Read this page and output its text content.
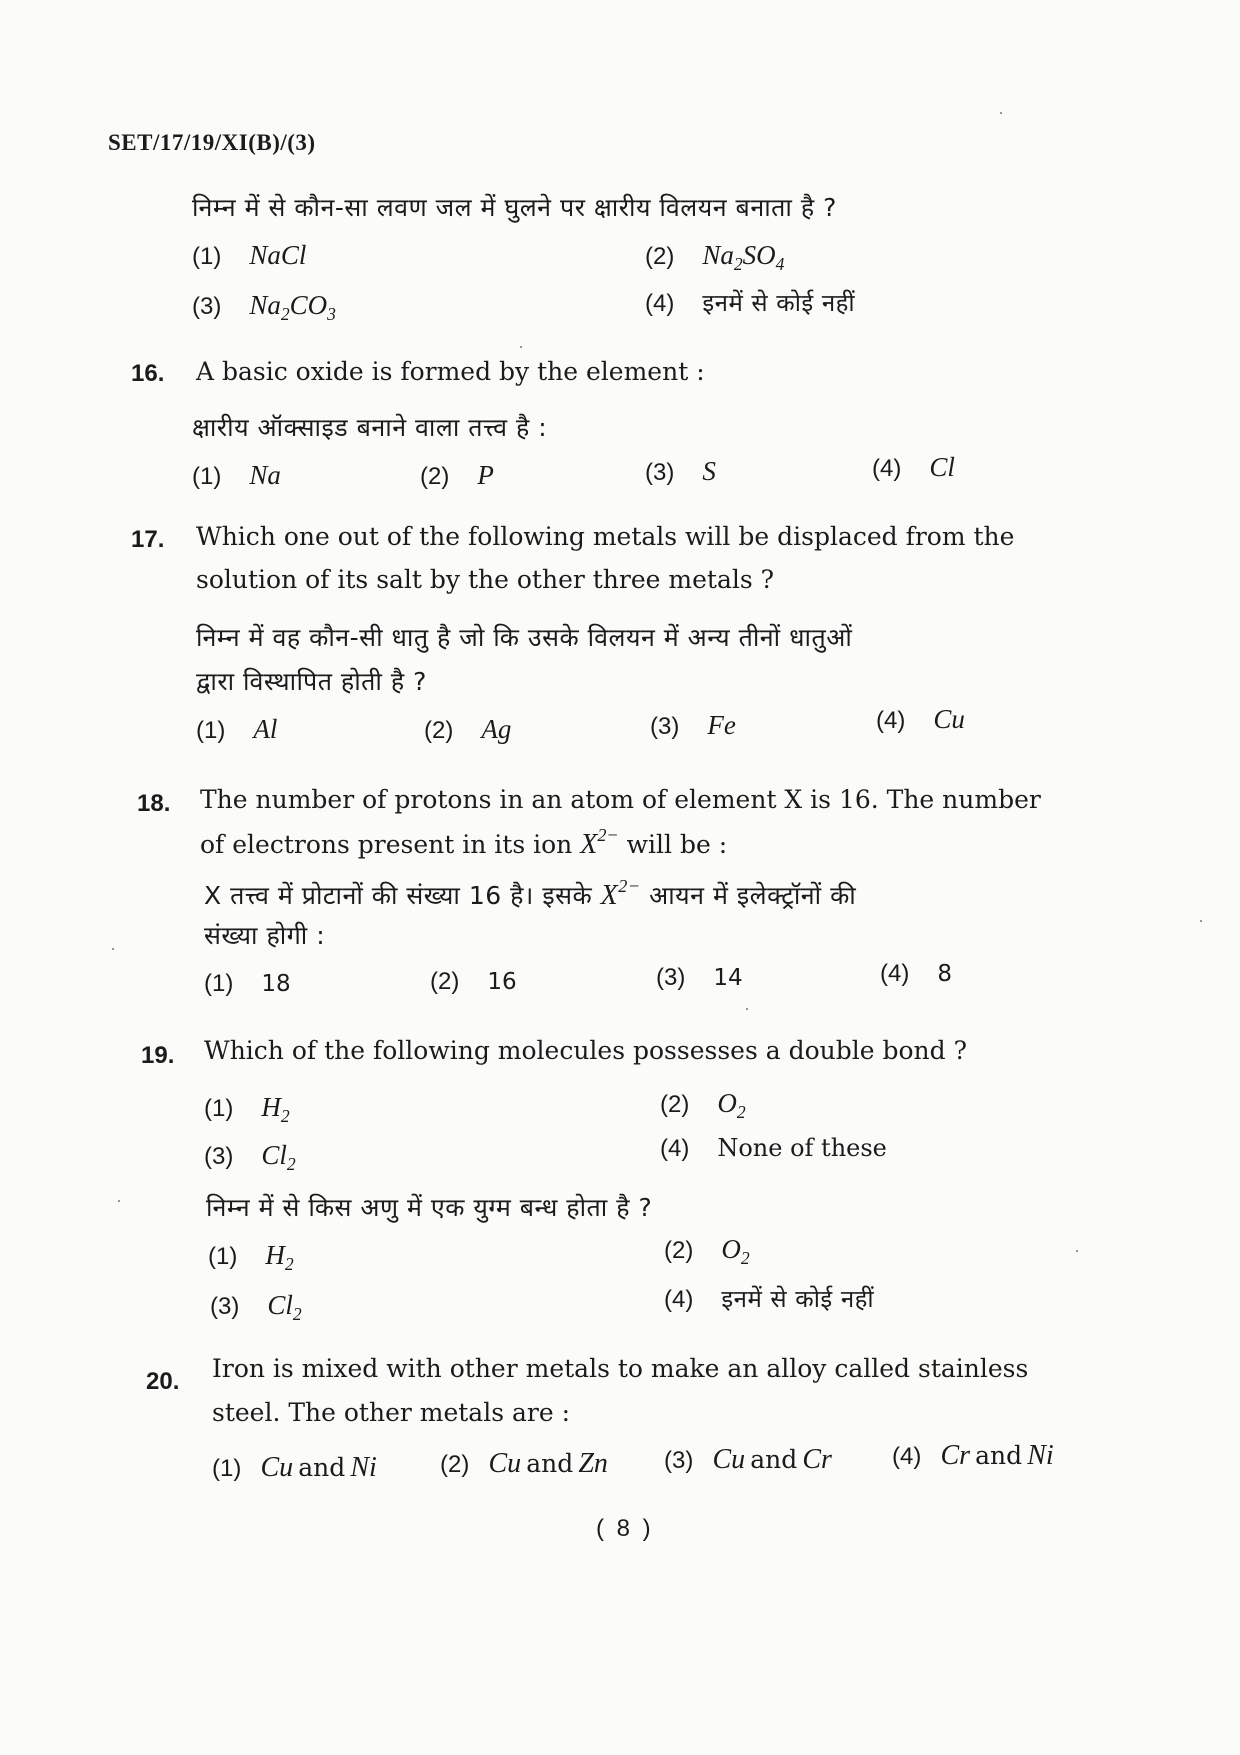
SET/17/19/XI(B)/(3)
निम्न में से कौन-सा लवण जल में घुलने पर क्षारीय विलयन बनाता है ?
(1) NaCl	(2) $Na_2SO_4$
(3) $Na_2CO_3$	(4) इनमें से कोई नहीं
16. A basic oxide is formed by the element :
क्षारीय ऑक्साइड बनाने वाला तत्त्व है :
(1) Na	(2) P	(3) S	(4) Cl
17. Which one out of the following metals will be displaced from the
solution of its salt by the other three metals ?
निम्न में वह कौन-सी धातु है जो कि उसके विलयन में अन्य तीनों धातुओं
द्वारा विस्थापित होती है ?
(1) Al	(2) Ag	(3) Fe	(4) Cu
18. The number of protons in an atom of element X is 16. The number
of electrons present in its ion $X^{2-}$ will be :
X तत्त्व में प्रोटानों की संख्या 16 है। इसके $X^{2-}$ आयन में इलेक्ट्रॉनों की
संख्या होगी :
(1) 18	(2) 16	(3) 14	(4) 8
19. Which of the following molecules possesses a double bond ?
(1) $H_2$	(2) $O_2$
(3) $Cl_2$
(4) None of these
निम्न में से किस अणु में एक युग्म बन्ध होता है ?
(1) $H_2$	(2) $O_2$
(3) $Cl_2$
(4) इनमें से कोई नहीं
20. Iron is mixed with other metals to make an alloy called stainless
steel. The other metals are :
(1) Cu and Ni	(2) Cu and Zn (3) Cu and Cr	(4) Cr and Ni
( 8 )
